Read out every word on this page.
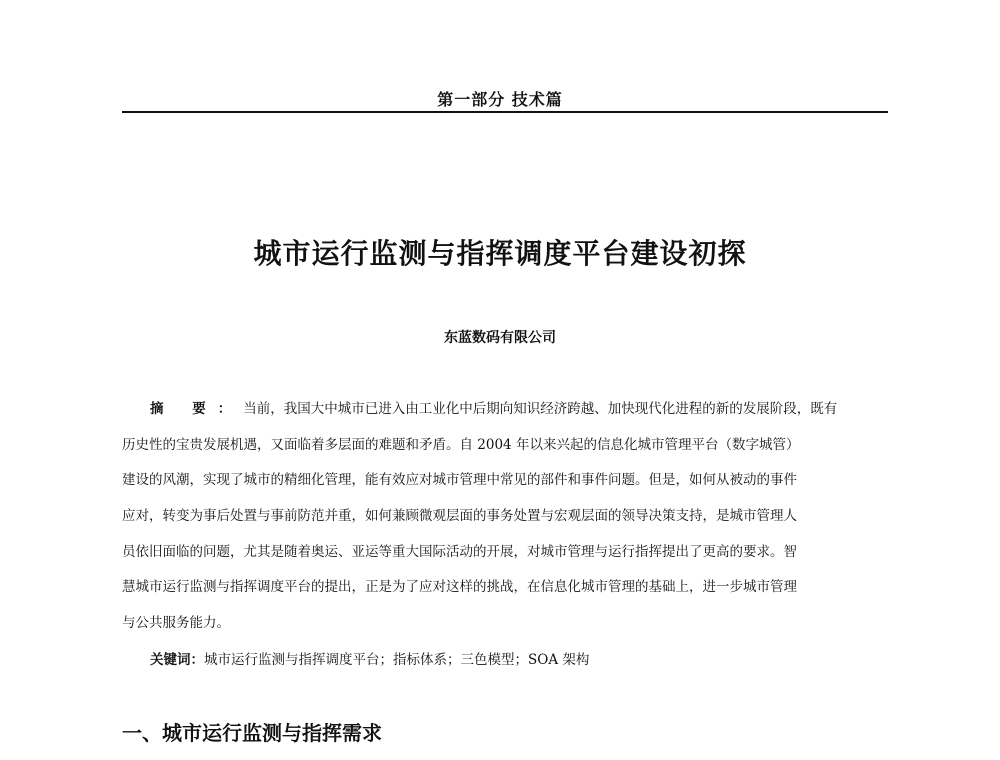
第一部分 技术篇
城市运行监测与指挥调度平台建设初探
东蓝数码有限公司
摘 要：当前，我国大中城市已进入由工业化中后期向知识经济跨越、加快现代化进程的新的发展阶段，既有
历史性的宝贵发展机遇，又面临着多层面的难题和矛盾。自 2004 年以来兴起的信息化城市管理平台（数字城管）
建设的风潮，实现了城市的精细化管理，能有效应对城市管理中常见的部件和事件问题。但是，如何从被动的事件
应对，转变为事后处置与事前防范并重，如何兼顾微观层面的事务处置与宏观层面的领导决策支持，是城市管理人
员依旧面临的问题，尤其是随着奥运、亚运等重大国际活动的开展，对城市管理与运行指挥提出了更高的要求。智
慧城市运行监测与指挥调度平台的提出，正是为了应对这样的挑战，在信息化城市管理的基础上，进一步城市管理
与公共服务能力。
关键词：城市运行监测与指挥调度平台；指标体系；三色模型；SOA 架构
一、城市运行监测与指挥需求
